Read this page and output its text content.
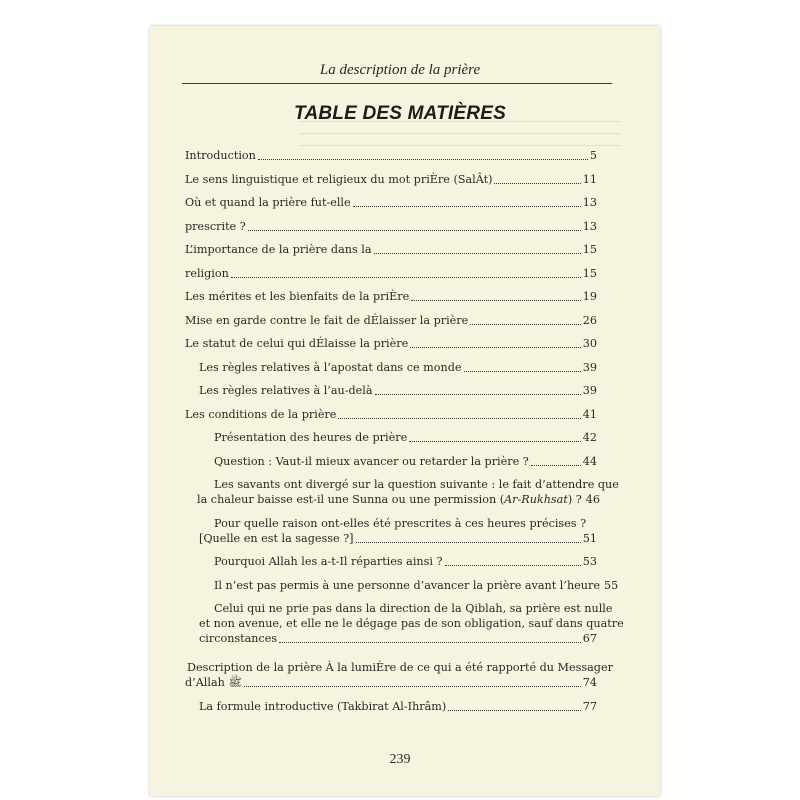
La description de la prière
TABLE DES MATIÈRES
Introduction	5
Le sens linguistique et religieux du mot priÈre (SalÂt)	11
Où et quand la prière fut-elle	13
prescrite ?	13
L’importance de la prière dans la	15
religion	15
Les mérites et les bienfaits de la priÈre	19
Mise en garde contre le fait de dÉlaisser la prière	26
Le statut de celui qui dÉlaisse la prière	30
Les règles relatives à l’apostat dans ce monde	39
Les règles relatives à l’au-delà	39
Les conditions de la prière	41
Présentation des heures de prière	42
Question : Vaut-il mieux avancer ou retarder la prière ?	44
Les savants ont divergé sur la question suivante : le fait d’attendre que
la chaleur baisse est-il une Sunna ou une permission (Ar-Rukhsat) ? 46
Pour quelle raison ont-elles été prescrites à ces heures précises ?
[Quelle en est la sagesse ?]	51
Pourquoi Allah les a-t-Il réparties ainsi ?	53
Il n’est pas permis à une personne d’avancer la prière avant l’heure 55
Celui qui ne prie pas dans la direction de la Qiblah, sa prière est nulle
et non avenue, et elle ne le dégage pas de son obligation, sauf dans quatre
circonstances	67
Description de la prière À la lumiÈre de ce qui a été rapporté du Messager
d’Allah ﷺ	74
La formule introductive (Takbirat Al-Ihrâm)	77
239
